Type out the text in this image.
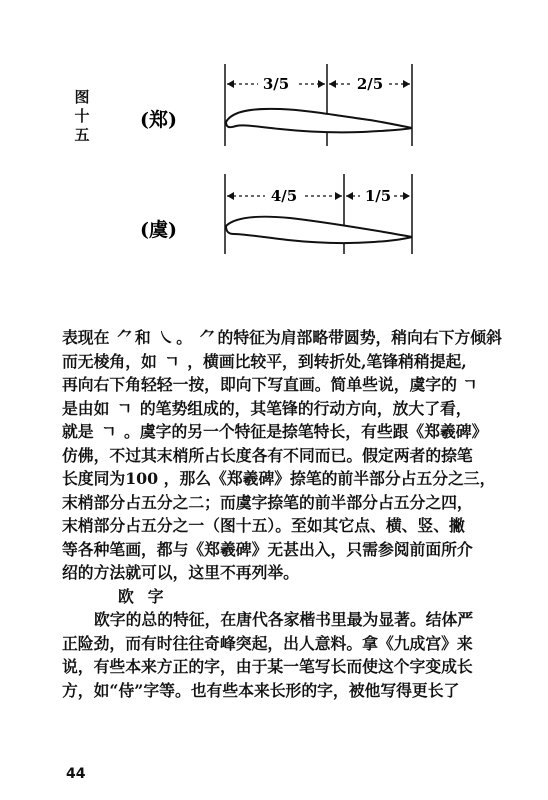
图
十
五
(郑)
3/5	2/5
(虞)
4/5	1/5
表现在 ⺈ 和 ㇏ 。 ⺈ 的特征为肩部略带圆势，稍向右下方倾斜
而无棱角，如 ㄱ ，横画比较平，到转折处,笔锋稍稍提起,
再向右下角轻轻一按，即向下写直画。简单些说，虞字的 ㄱ
是由如 ㄱ 的笔势组成的，其笔锋的行动方向，放大了看，
就是 ㄱ 。虞字的另一个特征是捺笔特长，有些跟《郑羲碑》
仿佛，不过其末梢所占长度各有不同而已。假定两者的捺笔
长度同为100 ，那么《郑羲碑》捺笔的前半部分占五分之三，
末梢部分占五分之二；而虞字捺笔的前半部分占五分之四，
末梢部分占五分之一（图十五）。至如其它点、横、竖、撇
等各种笔画，都与《郑羲碑》无甚出入，只需参阅前面所介
绍的方法就可以，这里不再列举。
欧字
欧字的总的特征，在唐代各家楷书里最为显著。结体严
正险劲，而有时往往奇峰突起，出人意料。拿《九成宫》来
说，有些本来方正的字，由于某一笔写长而使这个字变成长
方，如“侍”字等。也有些本来长形的字，被他写得更长了
44
